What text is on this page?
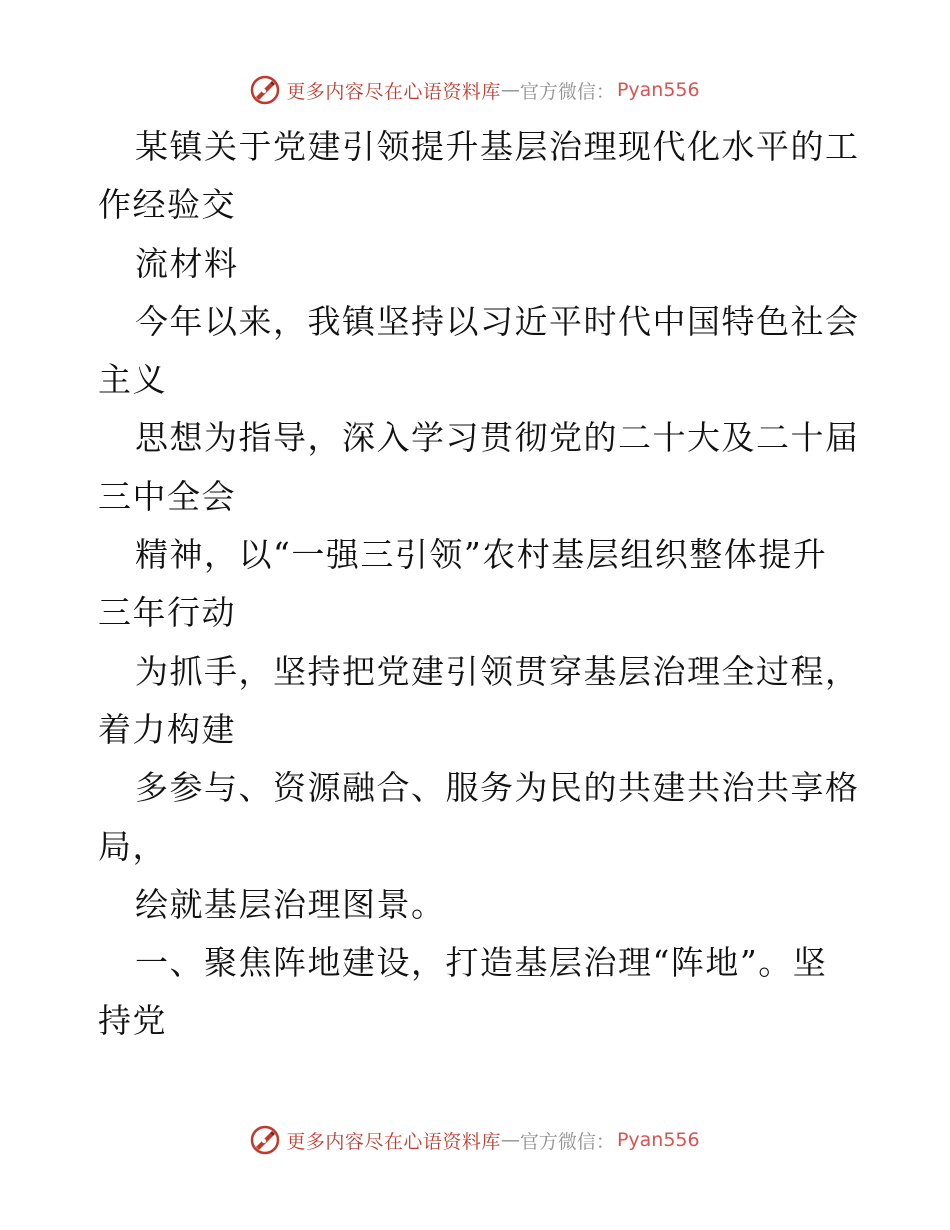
更多内容尽在心语资料库 — 官方微信： Pyan556
某镇关于党建引领提升基层治理现代化水平的工
作经验交
流材料
今年以来，我镇坚持以习近平时代中国特色社会
主义
思想为指导，深入学习贯彻党的二十大及二十届
三中全会
精神，以“一强三引领”农村基层组织整体提升
三年行动
为抓手，坚持把党建引领贯穿基层治理全过程，
着力构建
多参与、资源融合、服务为民的共建共治共享格
局，
绘就基层治理图景。
一、聚焦阵地建设，打造基层治理“阵地”。坚
持党
更多内容尽在心语资料库 — 官方微信： Pyan556
